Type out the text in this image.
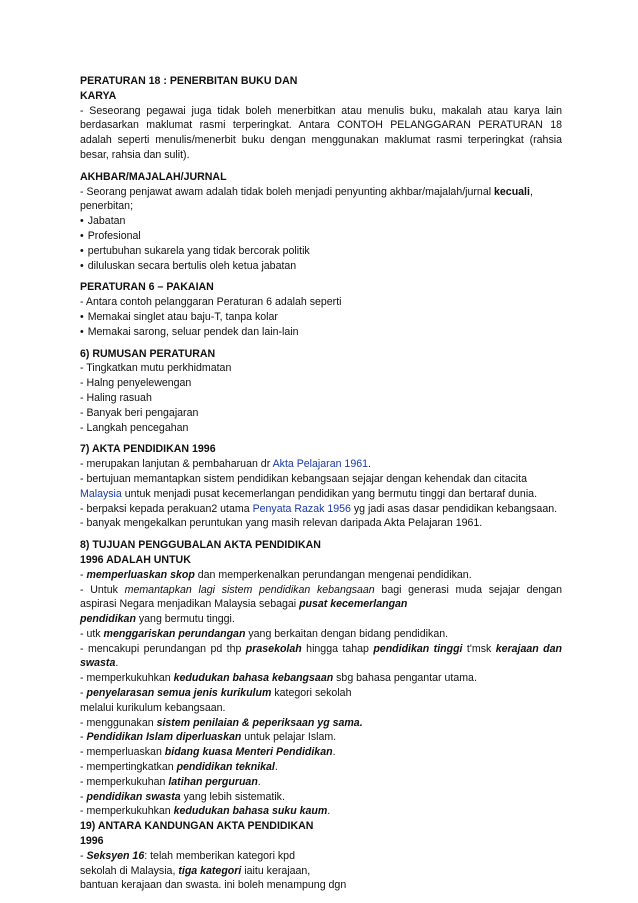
PERATURAN 18 : PENERBITAN BUKU DAN
KARYA
- Seseorang pegawai juga tidak boleh menerbitkan atau menulis buku, makalah atau karya lain
berdasarkan maklumat rasmi terperingkat. Antara CONTOH PELANGGARAN PERATURAN 18
adalah seperti menulis/menerbit buku dengan menggunakan maklumat rasmi terperingkat (rahsia
besar, rahsia dan sulit).
AKHBAR/MAJALAH/JURNAL
- Seorang penjawat awam adalah tidak boleh menjadi penyunting akhbar/majalah/jurnal kecuali,
penerbitan;
• Jabatan
• Profesional
• pertubuhan sukarela yang tidak bercorak politik
• diluluskan secara bertulis oleh ketua jabatan
PERATURAN 6 – PAKAIAN
- Antara contoh pelanggaran Peraturan 6 adalah seperti
• Memakai singlet atau baju-T, tanpa kolar
• Memakai sarong, seluar pendek dan lain-lain
6) RUMUSAN PERATURAN
- Tingkatkan mutu perkhidmatan
- Halng penyelewengan
- Haling rasuah
- Banyak beri pengajaran
- Langkah pencegahan
7) AKTA PENDIDIKAN 1996
- merupakan lanjutan & pembaharuan dr Akta Pelajaran 1961.
- bertujuan memantapkan sistem pendidikan kebangsaan sejajar dengan kehendak dan citacita
Malaysia untuk menjadi pusat kecemerlangan pendidikan yang bermutu tinggi dan bertaraf dunia.
- berpaksi kepada perakuan2 utama Penyata Razak 1956 yg jadi asas dasar pendidikan kebangsaan.
- banyak mengekalkan peruntukan yang masih relevan daripada Akta Pelajaran 1961.
8) TUJUAN PENGGUBALAN AKTA PENDIDIKAN
1996 ADALAH UNTUK
- memperluaskan skop dan memperkenalkan perundangan mengenai pendidikan.
- Untuk memantapkan lagi sistem pendidikan kebangsaan bagi generasi muda sejajar dengan
aspirasi Negara menjadikan Malaysia sebagai pusat kecemerlangan
pendidikan yang bermutu tinggi.
- utk menggariskan perundangan yang berkaitan dengan bidang pendidikan.
- mencakupi perundangan pd thp prasekolah hingga tahap pendidikan tinggi t'msk kerajaan dan
swasta.
- memperkukuhkan kedudukan bahasa kebangsaan sbg bahasa pengantar utama.
- penyelarasan semua jenis kurikulum kategori sekolah
melalui kurikulum kebangsaan.
- menggunakan sistem penilaian & peperiksaan yg sama.
- Pendidikan Islam diperluaskan untuk pelajar Islam.
- memperluaskan bidang kuasa Menteri Pendidikan.
- mempertingkatkan pendidikan teknikal.
- memperkukuhan latihan perguruan.
- pendidikan swasta yang lebih sistematik.
- memperkukuhkan kedudukan bahasa suku kaum.
19) ANTARA KANDUNGAN AKTA PENDIDIKAN
1996
- Seksyen 16: telah memberikan kategori kpd
sekolah di Malaysia, tiga kategori iaitu kerajaan,
bantuan kerajaan dan swasta. ini boleh menampung dgn
